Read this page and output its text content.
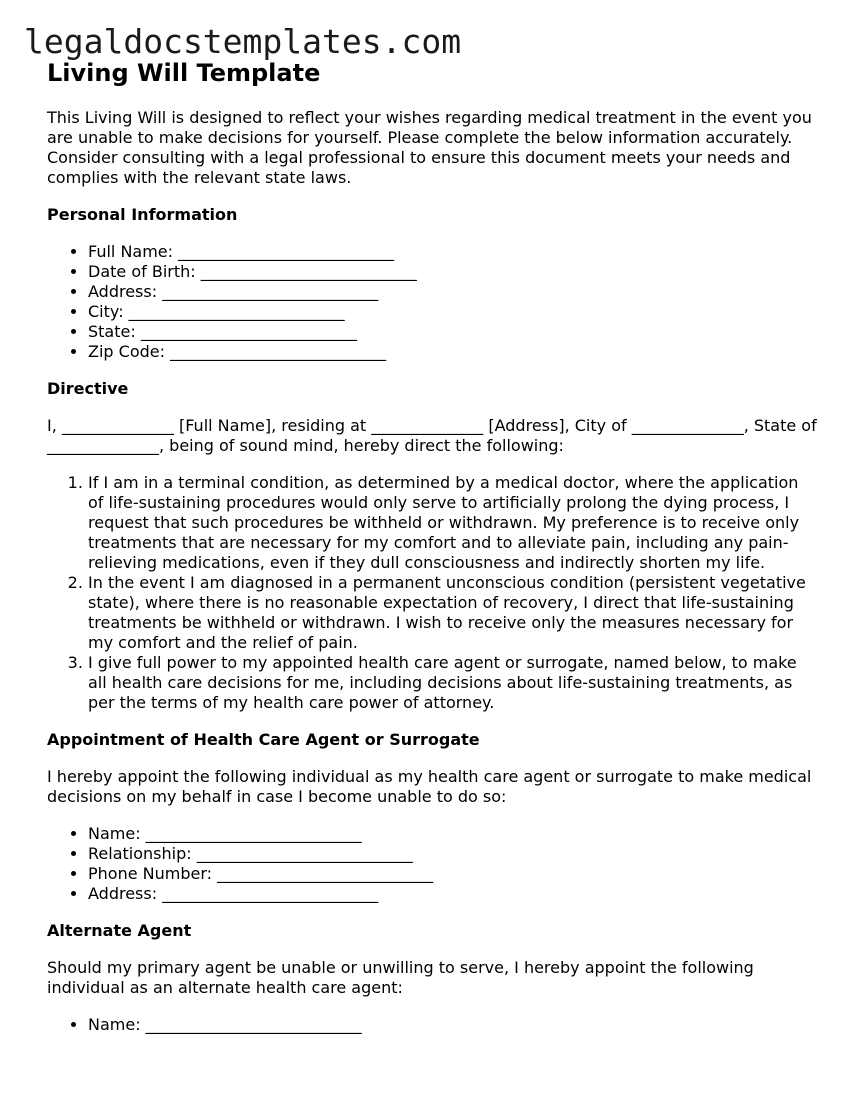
legaldocstemplates.com
Living Will Template

This Living Will is designed to reflect your wishes regarding medical treatment in the event you are unable to make decisions for yourself. Please complete the below information accurately. Consider consulting with a legal professional to ensure this document meets your needs and complies with the relevant state laws.

Personal Information
• Full Name: ___________________________
• Date of Birth: ___________________________
• Address: ___________________________
• City: ___________________________
• State: ___________________________
• Zip Code: ___________________________
Directive

I, ______________ [Full Name], residing at ______________ [Address], City of ______________, State of ______________, being of sound mind, hereby direct the following:

1. If I am in a terminal condition, as determined by a medical doctor, where the application of life-sustaining procedures would only serve to artificially prolong the dying process, I request that such procedures be withheld or withdrawn. My preference is to receive only treatments that are necessary for my comfort and to alleviate pain, including any pain-relieving medications, even if they dull consciousness and indirectly shorten my life.
2. In the event I am diagnosed in a permanent unconscious condition (persistent vegetative state), where there is no reasonable expectation of recovery, I direct that life-sustaining treatments be withheld or withdrawn. I wish to receive only the measures necessary for my comfort and the relief of pain.
3. I give full power to my appointed health care agent or surrogate, named below, to make all health care decisions for me, including decisions about life-sustaining treatments, as per the terms of my health care power of attorney.
Appointment of Health Care Agent or Surrogate

I hereby appoint the following individual as my health care agent or surrogate to make medical decisions on my behalf in case I become unable to do so:

• Name: ___________________________
• Relationship: ___________________________
• Phone Number: ___________________________
• Address: ___________________________
Alternate Agent

Should my primary agent be unable or unwilling to serve, I hereby appoint the following individual as an alternate health care agent:

• Name: ___________________________
